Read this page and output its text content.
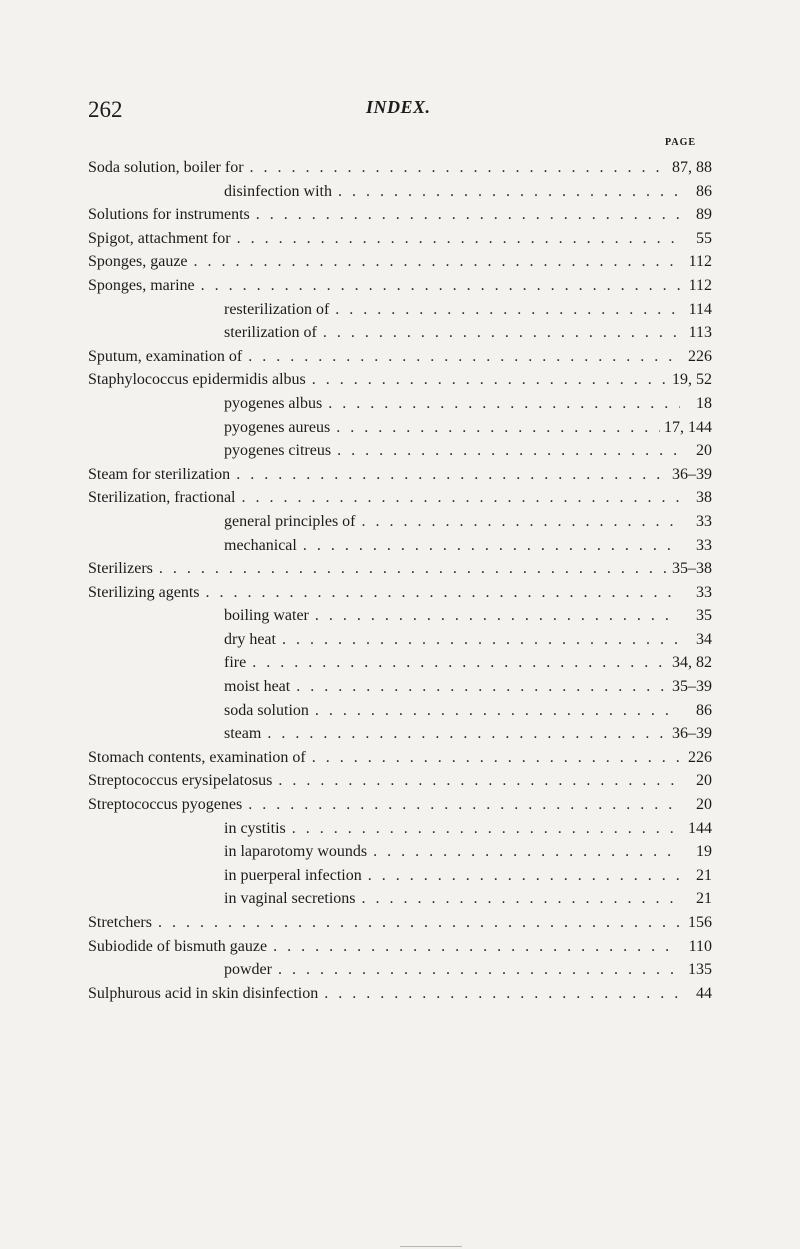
262	INDEX.
PAGE
Soda solution, boiler for . . .	87, 88
disinfection with . . .	86
Solutions for instruments . . .	89
Spigot, attachment for . . .	55
Sponges, gauze . . .	112
Sponges, marine . . .	112
resterilization of . . .	114
sterilization of . . .	113
Sputum, examination of . . .	226
Staphylococcus epidermidis albus . . .	19, 52
pyogenes albus . . .	18
pyogenes aureus . . .	17, 144
pyogenes citreus . . .	20
Steam for sterilization . . .	36–39
Sterilization, fractional . . .	38
general principles of . . .	33
mechanical . . .	33
Sterilizers . . .	35–38
Sterilizing agents . . .	33
boiling water . . .	35
dry heat . . .	34
fire . . .	34, 82
moist heat . . .	35–39
soda solution . . .	86
steam . . .	36–39
Stomach contents, examination of . . .	226
Streptococcus erysipelatosus . . .	20
Streptococcus pyogenes . . .	20
in cystitis . . .	144
in laparotomy wounds . . .	19
in puerperal infection . . .	21
in vaginal secretions . . .	21
Stretchers . . .	156
Subiodide of bismuth gauze . . .	110
powder . . .	135
Sulphurous acid in skin disinfection . . .	44
